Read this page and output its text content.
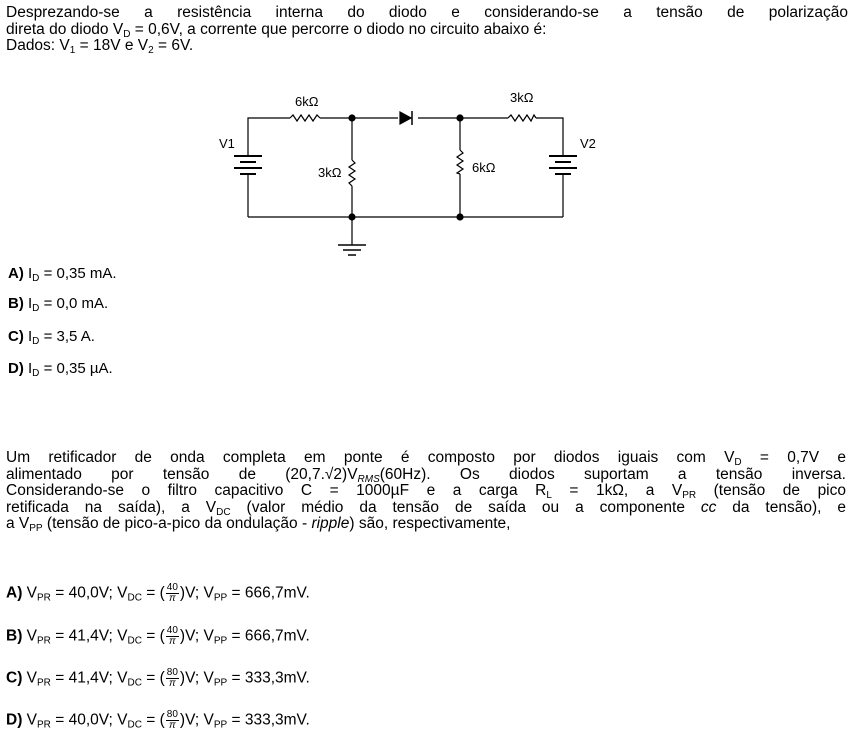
Desprezando-se a resistência interna do diodo e considerando-se a tensão de polarização
direta do diodo $V_D = 0,6V$, a corrente que percorre o diodo no circuito abaixo é:
Dados: $V_1 = 18V$ e $V_2 = 6V$.
6kΩ	3kΩ
3kΩ	6kΩ
V1	V2
A) $I_D = 0,35$ mA.
B) $I_D = 0,0$ mA.
C) $I_D = 3,5$ A.
D) $I_D = 0,35$ µA.
Um retificador de onda completa em ponte é composto por diodos iguais com $V_D = 0,7V$ e
alimentado por tensão de $(20,7.√2)V_{RMS}(60Hz)$. Os diodos suportam a tensão inversa.
Considerando-se o filtro capacitivo C = 1000µF e a carga $R_L = 1k\Omega$, a $V_{PR}$ (tensão de pico
retificada na saída), a $V_{DC}$ (valor médio da tensão de saída ou a componente cc da tensão), e
a $V_{PP}$ (tensão de pico-a-pico da ondulação - ripple) são, respectivamente,
A) $V_{PR} = 40,0V$; $V_{DC}$ = ( $\frac{40}{\pi} )V$; $V_{PP} = 666,7mV$.
B) $V_{PR} = 41,4V$; $V_{DC}$ = ( $\frac{40}{\pi} )V$; $V_{PP} = 666,7mV$.
C) $V_{PR} = 41,4V$; $V_{DC}$ = ( $\frac{80}{\pi} )V$; $V_{PP} = 333,3mV$.
D) $V_{PR} = 40,0V$; $V_{DC}$ = ( $\frac{80}{\pi} )V$; $V_{PP} = 333,3mV$.
